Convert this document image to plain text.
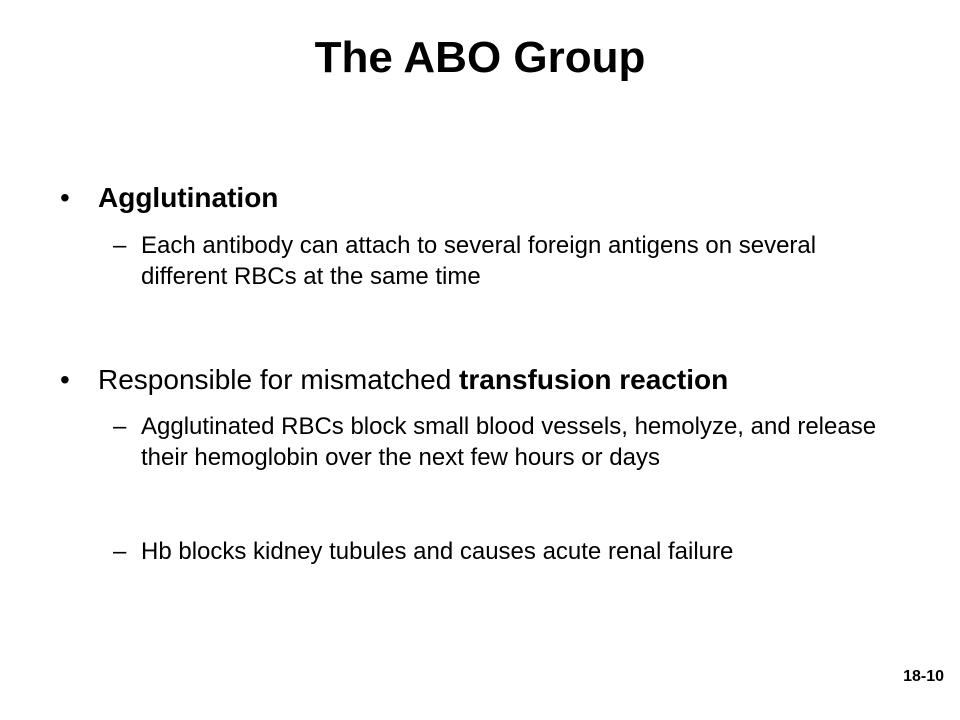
The ABO Group
•	Agglutination
– Each antibody can attach to several foreign antigens on several different RBCs at the same time
•	Responsible for mismatched transfusion reaction
– Agglutinated RBCs block small blood vessels, hemolyze, and release their hemoglobin over the next few hours or days
– Hb blocks kidney tubules and causes acute renal failure
18-10
